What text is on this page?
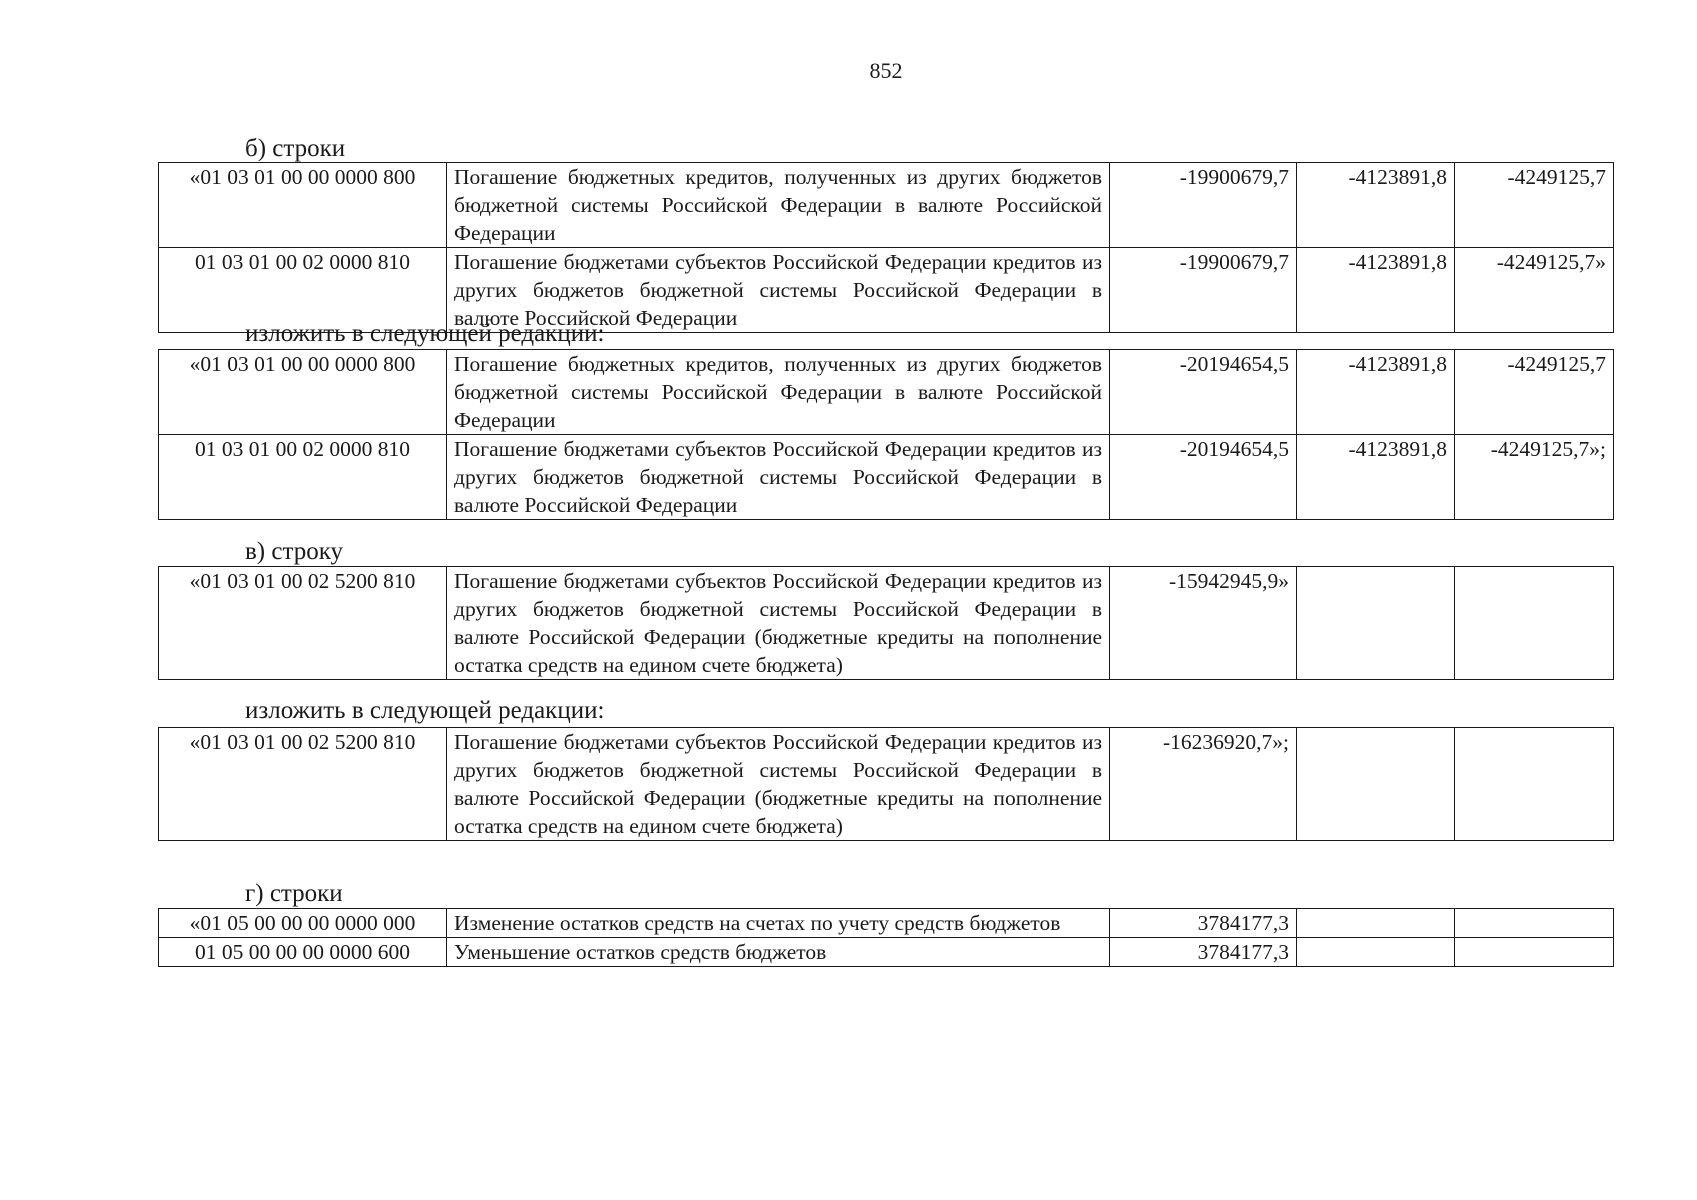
852
б) строки
«01 03 01 00 00 0000 800	Погашение бюджетных кредитов, полученных из других бюджетов бюджетной системы Российской Федерации в валюте Российской Федерации	-19900679,7	-4123891,8	-4249125,7
01 03 01 00 02 0000 810	Погашение бюджетами субъектов Российской Федерации кредитов из других бюджетов бюджетной системы Российской Федерации в валюте Российской Федерации	-19900679,7	-4123891,8	-4249125,7»
изложить в следующей редакции:
«01 03 01 00 00 0000 800	Погашение бюджетных кредитов, полученных из других бюджетов бюджетной системы Российской Федерации в валюте Российской Федерации	-20194654,5	-4123891,8	-4249125,7
01 03 01 00 02 0000 810	Погашение бюджетами субъектов Российской Федерации кредитов из других бюджетов бюджетной системы Российской Федерации в валюте Российской Федерации	-20194654,5	-4123891,8	-4249125,7»;
в) строку
«01 03 01 00 02 5200 810	Погашение бюджетами субъектов Российской Федерации кредитов из других бюджетов бюджетной системы Российской Федерации в валюте Российской Федерации (бюджетные кредиты на пополнение остатка средств на едином счете бюджета)	-15942945,9»		
изложить в следующей редакции:
«01 03 01 00 02 5200 810	Погашение бюджетами субъектов Российской Федерации кредитов из других бюджетов бюджетной системы Российской Федерации в валюте Российской Федерации (бюджетные кредиты на пополнение остатка средств на едином счете бюджета)	-16236920,7»;		
г) строки
«01 05 00 00 00 0000 000	Изменение остатков средств на счетах по учету средств бюджетов	3784177,3		
01 05 00 00 00 0000 600	Уменьшение остатков средств бюджетов	3784177,3		
